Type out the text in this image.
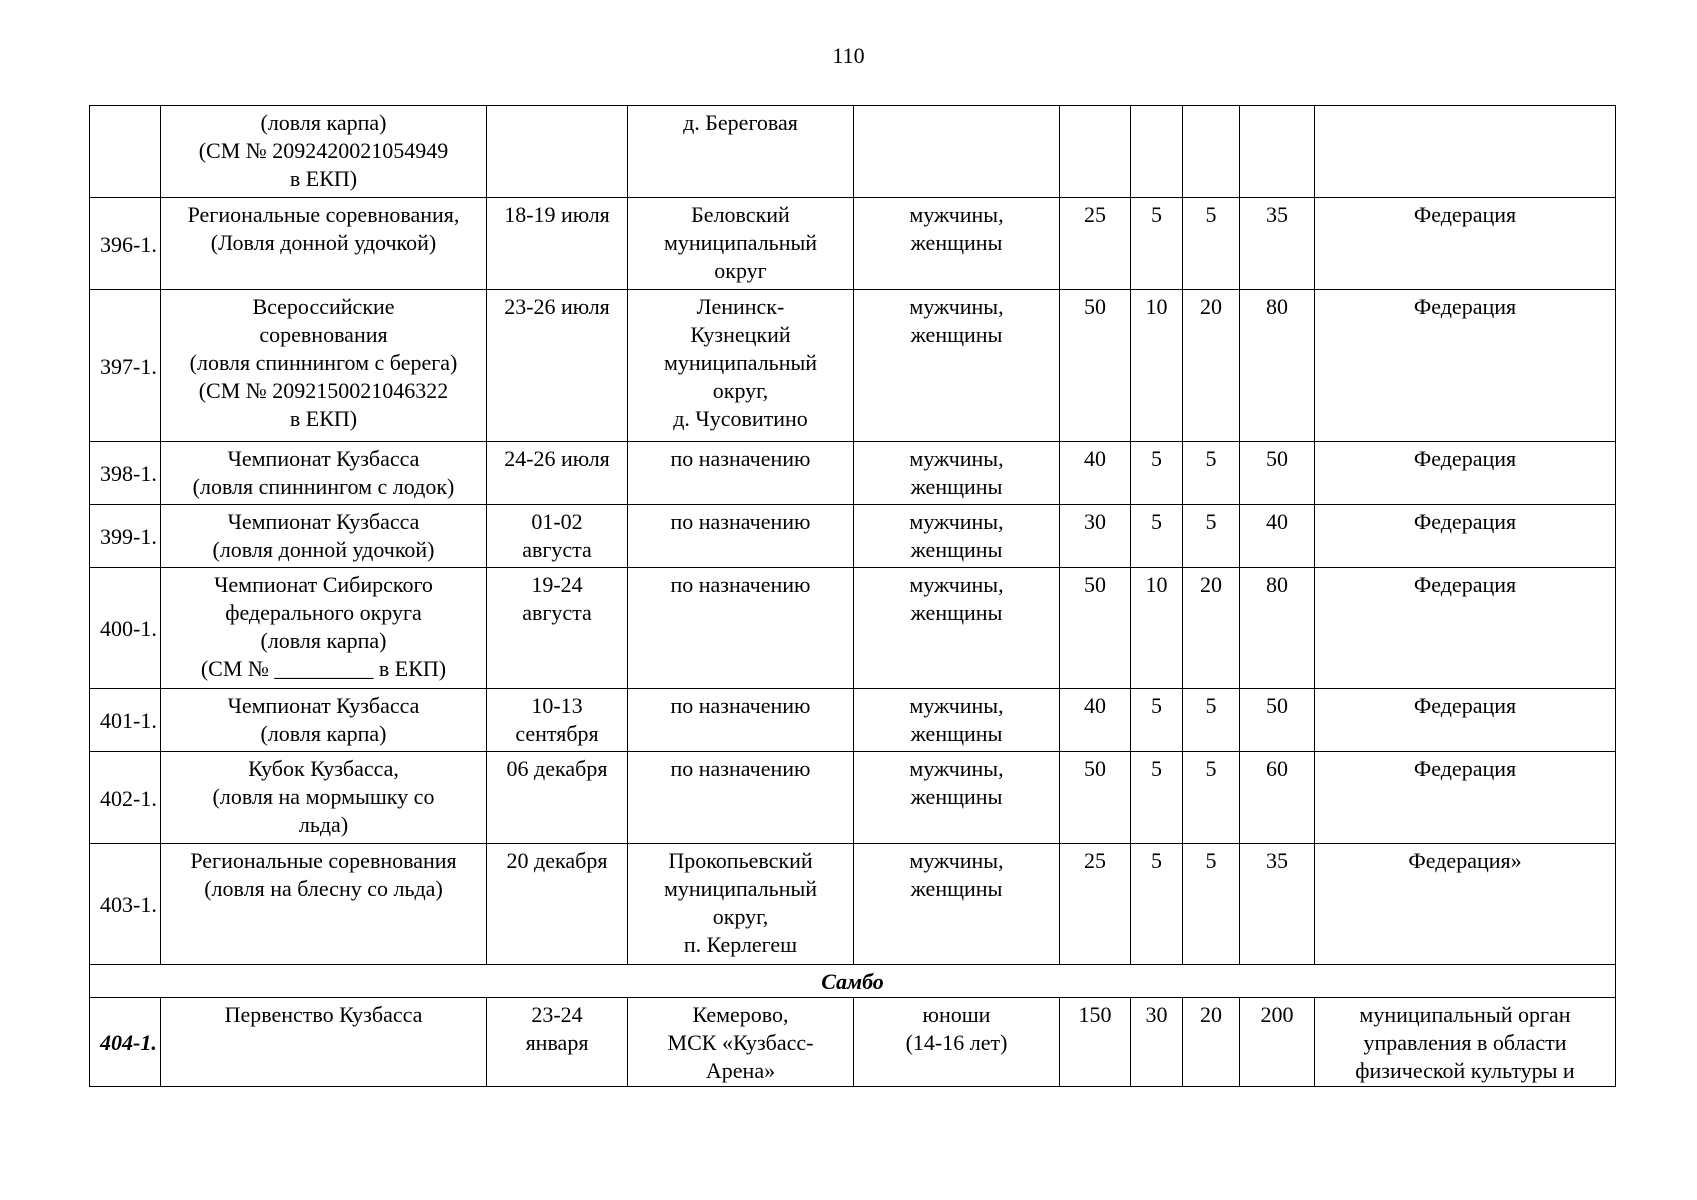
110
	(ловля карпа)
(СМ № 2092420021054949
в ЕКП)		д. Береговая						
396-1.	Региональные соревнования,
(Ловля донной удочкой)	18-19 июля	Беловский
муниципальный
округ	мужчины,
женщины	25	5	5	35	Федерация
397-1.	Всероссийские
соревнования
(ловля спиннингом с берега)
(СМ № 2092150021046322
в ЕКП)	23-26 июля	Ленинск-
Кузнецкий
муниципальный
округ,
д. Чусовитино	мужчины,
женщины	50	10	20	80	Федерация
398-1.	Чемпионат Кузбасса
(ловля спиннингом с лодок)	24-26 июля	по назначению	мужчины,
женщины	40	5	5	50	Федерация
399-1.	Чемпионат Кузбасса
(ловля донной удочкой)	01-02
августа	по назначению	мужчины,
женщины	30	5	5	40	Федерация
400-1.	Чемпионат Сибирского
федерального округа
(ловля карпа)
(СМ № _________ в ЕКП)	19-24
августа	по назначению	мужчины,
женщины	50	10	20	80	Федерация
401-1.	Чемпионат Кузбасса
(ловля карпа)	10-13
сентября	по назначению	мужчины,
женщины	40	5	5	50	Федерация
402-1.	Кубок Кузбасса,
(ловля на мормышку со
льда)	06 декабря	по назначению	мужчины,
женщины	50	5	5	60	Федерация
403-1.	Региональные соревнования
(ловля на блесну со льда)	20 декабря	Прокопьевский
муниципальный
округ,
п. Керлегеш	мужчины,
женщины	25	5	5	35	Федерация»
Самбо									
404-1.	Первенство Кузбасса	23-24
января	Кемерово,
МСК «Кузбасс-
Арена»	юноши
(14-16 лет)	150	30	20	200	муниципальный орган
управления в области
физической культуры и
